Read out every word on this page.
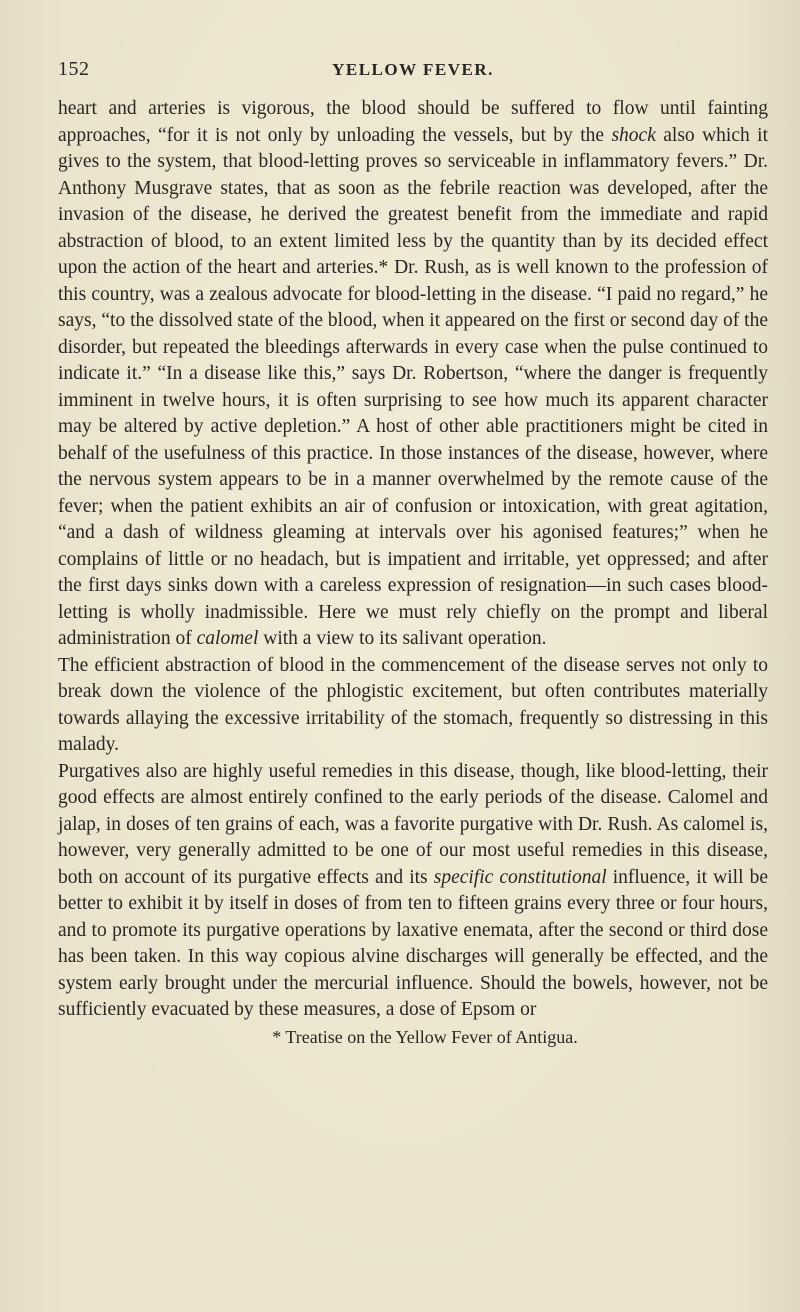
152	YELLOW FEVER.

heart and arteries is vigorous, the blood should be suffered to flow until fainting approaches, “for it is not only by unloading the vessels, but by the shock also which it gives to the system, that blood-letting proves so serviceable in inflammatory fevers.” Dr. Anthony Musgrave states, that as soon as the febrile reaction was developed, after the invasion of the disease, he derived the greatest benefit from the immediate and rapid abstraction of blood, to an extent limited less by the quantity than by its decided effect upon the action of the heart and arteries.* Dr. Rush, as is well known to the profession of this country, was a zealous advocate for blood-letting in the disease. “I paid no regard,” he says, “to the dissolved state of the blood, when it appeared on the first or second day of the disorder, but repeated the bleedings afterwards in every case when the pulse continued to indicate it.” “In a disease like this,” says Dr. Robertson, “where the danger is frequently imminent in twelve hours, it is often surprising to see how much its apparent character may be altered by active depletion.” A host of other able practitioners might be cited in behalf of the usefulness of this practice. In those instances of the disease, however, where the nervous system appears to be in a manner overwhelmed by the remote cause of the fever; when the patient exhibits an air of confusion or intoxication, with great agitation, “and a dash of wildness gleaming at intervals over his agonised features;” when he complains of little or no headach, but is impatient and irritable, yet oppressed; and after the first days sinks down with a careless expression of resignation—in such cases blood-letting is wholly inadmissible. Here we must rely chiefly on the prompt and liberal administration of calomel with a view to its salivant operation.

The efficient abstraction of blood in the commencement of the disease serves not only to break down the violence of the phlogistic excitement, but often contributes materially towards allaying the excessive irritability of the stomach, frequently so distressing in this malady.

Purgatives also are highly useful remedies in this disease, though, like blood-letting, their good effects are almost entirely confined to the early periods of the disease. Calomel and jalap, in doses of ten grains of each, was a favorite purgative with Dr. Rush. As calomel is, however, very generally admitted to be one of our most useful remedies in this disease, both on account of its purgative effects and its specific constitutional influence, it will be better to exhibit it by itself in doses of from ten to fifteen grains every three or four hours, and to promote its purgative operations by laxative enemata, after the second or third dose has been taken. In this way copious alvine discharges will generally be effected, and the system early brought under the mercurial influence. Should the bowels, however, not be sufficiently evacuated by these measures, a dose of Epsom or

* Treatise on the Yellow Fever of Antigua.
